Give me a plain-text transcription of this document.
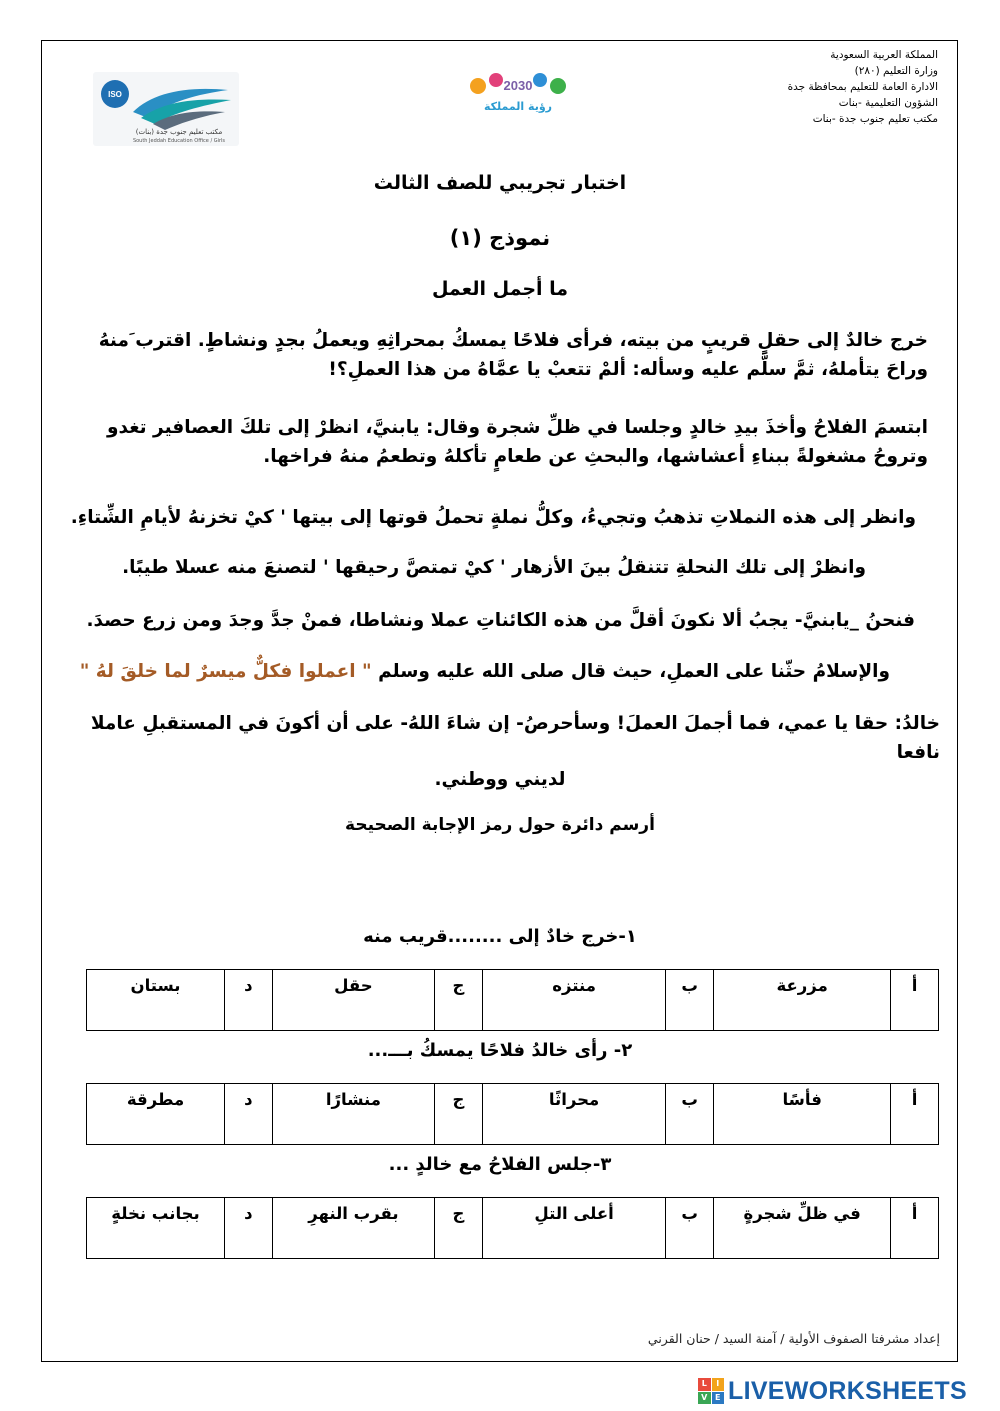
المملكة العربية السعودية
وزارة التعليم (٢٨٠)
الادارة العامة للتعليم بمحافظة جدة
الشؤون التعليمية -بنات
مكتب تعليم جنوب جدة -بنات
ISO
مكتب تعليم جنوب جدة (بنات)
South Jeddah Education Office / Girls
2030
رؤية المملكة
اختبار تجريبي للصف الثالث
نموذج (١)
ما أجمل العمل
خرج خالدٌ إلى حقلٍ قريبٍ من بيته، فرأى فلاحًا يمسكُ بمحراثِهِ ويعملُ بجدٍ ونشاطٍ. اقترب َمنهُ وراحَ يتأملهُ، ثمَّ سلَّم عليه وسأله: ألمْ تتعبْ يا عمَّاهُ من هذا العملِ؟!
ابتسمَ الفلاحُ وأخذَ بيدِ خالدٍ وجلسا في ظلِّ شجرة وقال: يابنيَّ، انظرْ إلى تلكَ العصافير تغدو وتروحُ مشغولةً ببناءِ أعشاشها، والبحثِ عن طعامٍ تأكلهُ وتطعمُ منهُ فراخها.
وانظر إلى هذه النملاتِ تذهبُ وتجيءُ، وكلُّ نملةٍ تحملُ قوتها إلى بيتها ' كيْ تخزنهُ لأيامِ الشِّتاءِ.
وانظرْ إلى تلك النحلةِ تتنقلُ بينَ الأزهار ' كيْ تمتصَّ رحيقها ' لتصنعَ منه عسلا طيبًا.
فنحنُ _يابنيَّ- يجبُ ألا نكونَ أقلَّ من هذه الكائناتِ عملا ونشاطا، فمنْ جدَّ وجدَ ومن زرع حصدَ.
والإسلامُ حثّنا على العملِ، حيث قال صلى الله عليه وسلم " اعملوا فكلٌّ ميسرٌ لما خلقَ لهُ "
خالدُ: حقا يا عمي، فما أجملَ العملَ! وسأحرصُ- إن شاءَ اللهُ- على أن أكونَ في المستقبلِ عاملا نافعا
لديني ووطني.
أرسم دائرة حول رمز الإجابة الصحيحة
١-خرج خادٌ إلى ........قريب منه
أ	مزرعة	ب	منتزه	ج	حقل	د	بستان
٢- رأى خالدُ فلاحًا يمسكُ بـــ...
أ	فأسًا	ب	محراثًا	ج	منشارًا	د	مطرقة
٣-جلس الفلاحُ مع خالدٍ ...
أ	في ظلِّ شجرةٍ	ب	أعلى التلِ	ج	بقرب النهرِ	د	بجانب نخلةٍ
إعداد مشرفتا الصفوف الأولية / آمنة السيد / حنان القرني
L	I
V E LIVEWORKSHEETS
